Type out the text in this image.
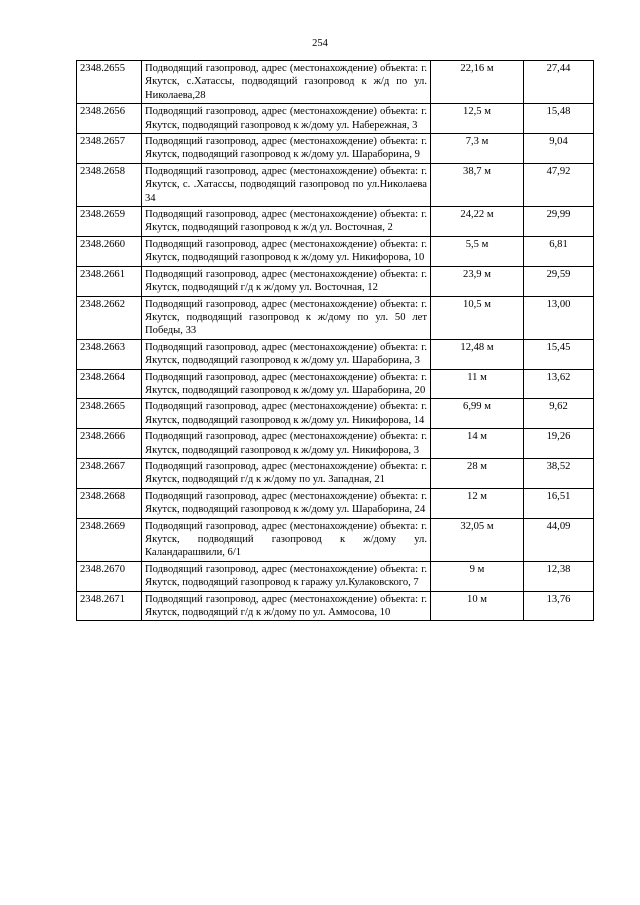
254
2348.2655	Подводящий газопровод, адрес (местонахождение) объекта: г. Якутск, с.Хатассы, подводящий газопровод к ж/д по ул. Николаева,28	22,16 м	27,44
2348.2656	Подводящий газопровод, адрес (местонахождение) объекта: г. Якутск, подводящий газопровод к ж/дому ул. Набережная, 3	12,5 м	15,48
2348.2657	Подводящий газопровод, адрес (местонахождение) объекта: г. Якутск, подводящий газопровод к ж/дому ул. Шараборина, 9	7,3 м	9,04
2348.2658	Подводящий газопровод, адрес (местонахождение) объекта: г. Якутск, с. .Хатассы, подводящий газопровод по ул.Николаева 34	38,7 м	47,92
2348.2659	Подводящий газопровод, адрес (местонахождение) объекта: г. Якутск, подводящий газопровод к ж/д ул. Восточная, 2	24,22 м	29,99
2348.2660	Подводящий газопровод, адрес (местонахождение) объекта: г. Якутск, подводящий газопровод к ж/дому ул. Никифорова, 10	5,5 м	6,81
2348.2661	Подводящий газопровод, адрес (местонахождение) объекта: г. Якутск, подводящий г/д к ж/дому ул. Восточная, 12	23,9 м	29,59
2348.2662	Подводящий газопровод, адрес (местонахождение) объекта: г. Якутск, подводящий газопровод к ж/дому по ул. 50 лет Победы, 33	10,5 м	13,00
2348.2663	Подводящий газопровод, адрес (местонахождение) объекта: г. Якутск, подводящий газопровод к ж/дому ул. Шараборина, 3	12,48 м	15,45
2348.2664	Подводящий газопровод, адрес (местонахождение) объекта: г. Якутск, подводящий газопровод к ж/дому ул. Шараборина, 20	11 м	13,62
2348.2665	Подводящий газопровод, адрес (местонахождение) объекта: г. Якутск, подводящий газопровод к ж/дому ул. Никифорова, 14	6,99 м	9,62
2348.2666	Подводящий газопровод, адрес (местонахождение) объекта: г. Якутск, подводящий газопровод к ж/дому ул. Никифорова, 3	14 м	19,26
2348.2667	Подводящий газопровод, адрес (местонахождение) объекта: г. Якутск, подводящий г/д к ж/дому по ул. Западная, 21	28 м	38,52
2348.2668	Подводящий газопровод, адрес (местонахождение) объекта: г. Якутск, подводящий газопровод к ж/дому ул. Шараборина, 24	12 м	16,51
2348.2669	Подводящий газопровод, адрес (местонахождение) объекта: г. Якутск, подводящий газопровод к ж/дому ул. Каландарашвили, 6/1	32,05 м	44,09
2348.2670	Подводящий газопровод, адрес (местонахождение) объекта: г. Якутск, подводящий газопровод к гаражу ул.Кулаковского, 7	9 м	12,38
2348.2671	Подводящий газопровод, адрес (местонахождение) объекта: г. Якутск, подводящий г/д к ж/дому по ул. Аммосова, 10	10 м	13,76
